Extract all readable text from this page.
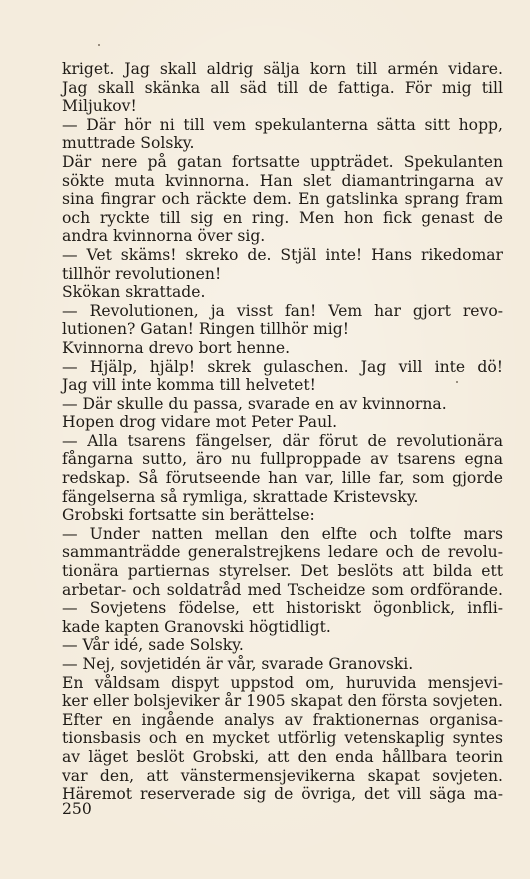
kriget. Jag skall aldrig sälja korn till armén vidare.
Jag skall skänka all säd till de fattiga. För mig till
Miljukov!
— Där hör ni till vem spekulanterna sätta sitt hopp,
muttrade Solsky.
Där nere på gatan fortsatte uppträdet. Spekulanten
sökte muta kvinnorna. Han slet diamantringarna av
sina fingrar och räckte dem. En gatslinka sprang fram
och ryckte till sig en ring. Men hon fick genast de
andra kvinnorna över sig.
— Vet skäms! skreko de. Stjäl inte! Hans rikedomar
tillhör revolutionen!
Skökan skrattade.
— Revolutionen, ja visst fan! Vem har gjort revo-
lutionen? Gatan! Ringen tillhör mig!
Kvinnorna drevo bort henne.
— Hjälp, hjälp! skrek gulaschen. Jag vill inte dö!
Jag vill inte komma till helvetet!
— Där skulle du passa, svarade en av kvinnorna.
Hopen drog vidare mot Peter Paul.
— Alla tsarens fängelser, där förut de revolutionära
fångarna sutto, äro nu fullproppade av tsarens egna
redskap. Så förutseende han var, lille far, som gjorde
fängelserna så rymliga, skrattade Kristevsky.
Grobski fortsatte sin berättelse:
— Under natten mellan den elfte och tolfte mars
sammanträdde generalstrejkens ledare och de revolu-
tionära partiernas styrelser. Det beslöts att bilda ett
arbetar- och soldatråd med Tscheidze som ordförande.
— Sovjetens födelse, ett historiskt ögonblick, infli-
kade kapten Granovski högtidligt.
— Vår idé, sade Solsky.
— Nej, sovjetidén är vår, svarade Granovski.
En våldsam dispyt uppstod om, huruvida mensjevi-
ker eller bolsjeviker år 1905 skapat den första sovjeten.
Efter en ingående analys av fraktionernas organisa-
tionsbasis och en mycket utförlig vetenskaplig syntes
av läget beslöt Grobski, att den enda hållbara teorin
var den, att vänstermensjevikerna skapat sovjeten.
Häremot reserverade sig de övriga, det vill säga ma-
250
